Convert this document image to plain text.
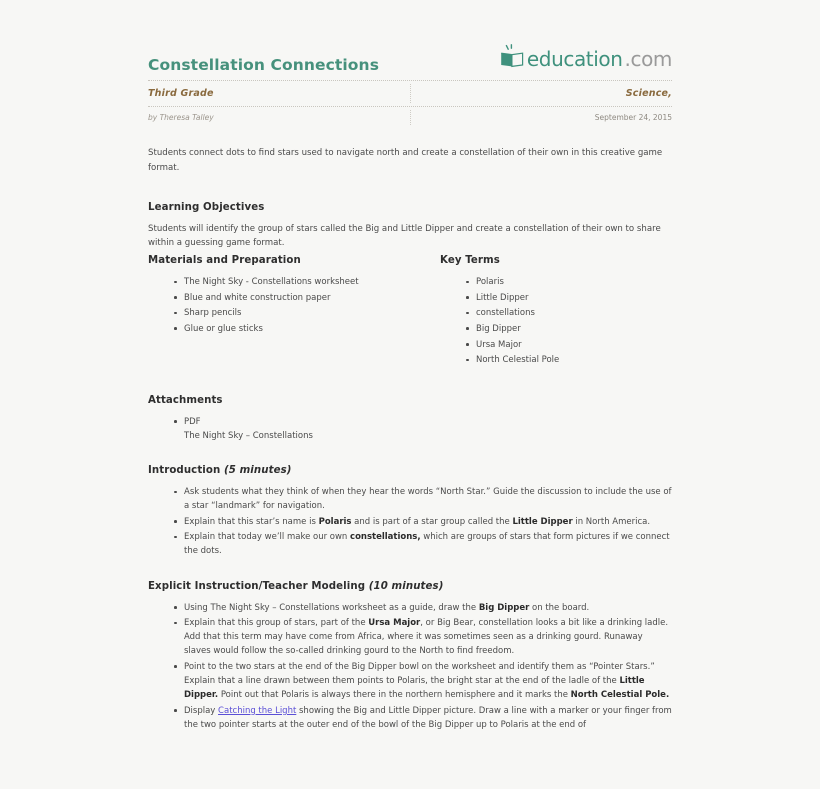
Constellation Connections	education .com
Third Grade	Science,
by Theresa Talley	September 24, 2015

Students connect dots to find stars used to navigate north and create a constellation of their own in this creative game format.

Learning Objectives

Students will identify the group of stars called the Big and Little Dipper and create a constellation of their own to share within a guessing game format.

Materials and Preparation
The Night Sky - Constellations worksheet
Blue and white construction paper
Sharp pencils
Glue or glue sticks
Key Terms
Polaris
Little Dipper
constellations
Big Dipper
Ursa Major
North Celestial Pole
Attachments
PDF
The Night Sky – Constellations
Introduction (5 minutes)
Ask students what they think of when they hear the words “North Star.” Guide the discussion to include the use of a star “landmark” for navigation.
Explain that this star’s name is Polaris and is part of a star group called the Little Dipper in North America.
Explain that today we’ll make our own constellations, which are groups of stars that form pictures if we connect the dots.
Explicit Instruction/Teacher Modeling (10 minutes)
Using The Night Sky – Constellations worksheet as a guide, draw the Big Dipper on the board.
Explain that this group of stars, part of the Ursa Major, or Big Bear, constellation looks a bit like a drinking ladle. Add that this term may have come from Africa, where it was sometimes seen as a drinking gourd. Runaway slaves would follow the so-called drinking gourd to the North to find freedom.
Point to the two stars at the end of the Big Dipper bowl on the worksheet and identify them as “Pointer Stars.” Explain that a line drawn between them points to Polaris, the bright star at the end of the ladle of the Little Dipper. Point out that Polaris is always there in the northern hemisphere and it marks the North Celestial Pole.
Display Catching the Light showing the Big and Little Dipper picture. Draw a line with a marker or your finger from the two pointer starts at the outer end of the bowl of the Big Dipper up to Polaris at the end of
